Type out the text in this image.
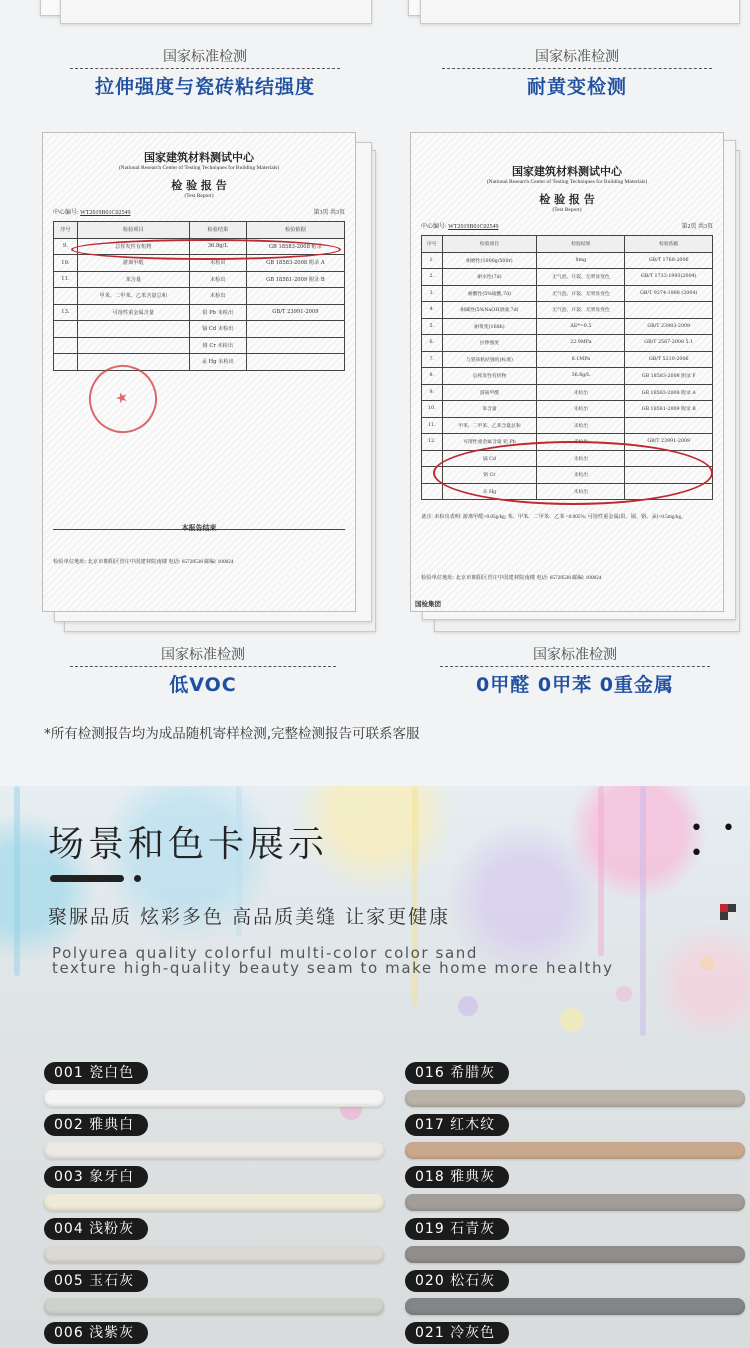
国家标准检测
拉伸强度与瓷砖粘结强度
国家标准检测
耐黄变检测
国家建筑材料测试中心
(National Research Center of Testing Techniques for Building Materials)
检 验 报 告
(Test Report)
中心编号: WT2019B01C02549	第3页 共3页
序号	检验项目	检验结果	检验依据
9.	总挥发性有机物	36.8g/L	GB 18583-2008 附录
10.	游离甲醛	未检出	GB 18583-2008 附录 A
11.	苯含量	未检出	GB 18581-2009 附录 B
	甲苯、二甲苯、乙苯含量总和	未检出	
13.	可溶性重金属含量	铅 Pb 未检出	GB/T 23991-2009
		镉 Cd 未检出	
		铬 Cr 未检出	
		汞 Hg 未检出	
★
本报告结束
检验单位地址: 北京市朝阳区管庄中国建材院南楼 电话: 65728538 邮编: 100024
国家建筑材料测试中心
(National Research Center of Testing Techniques for Building Materials)
检 验 报 告
(Test Report)
中心编号: WT2019B01C02549	第2页 共3页
序号	检验项目	检验结果	检验依据
1.	耐磨性(1000g/500r)	8mg	GB/T 1768-2006
2.	耐水性(7d)	无气泡、开裂、无明显变色	GB/T 1733-1993(2004)
3.	耐酸性(5%硫酸,7d)	无气泡、开裂、无明显变色	GB/T 9274-1988 (2004)
4.	耐碱性(5%NaOH溶液,7d)	无气泡、开裂、无明显变色	
5.	耐黄变(168h)	ΔE*=0.5	GB/T 23983-2009
6.	拉伸强度	22.9MPa	GB/T 2567-2008 5.1
7.	与瓷砖粘结强度(标准)	8.1MPa	GB/T 5210-2006
8.	总挥发性有机物	36.8g/L	GB 18583-2008 附录 F
9.	游离甲醛	未检出	GB 18583-2008 附录 A
10.	苯含量	未检出	GB 18581-2009 附录 B
11.	甲苯、二甲苯、乙苯含量总和	未检出	
12.	可溶性重金属含量 铅 Pb	未检出	GB/T 23991-2009
	镉 Cd	未检出	
	铬 Cr	未检出	
	汞 Hg	未检出	
备注: 未检出表明: 游离甲醛<0.05g/kg; 苯、甲苯、二甲苯、乙苯 <0.005%; 可溶性重金属(铅、镉、铬、汞)<0.5mg/kg。
检验单位地址: 北京市朝阳区管庄中国建材院南楼 电话: 65728538 邮编: 100024
国检集团
国家标准检测
低VOC
国家标准检测
0甲醛 0甲苯 0重金属
*所有检测报告均为成品随机寄样检测,完整检测报告可联系客服
场景和色卡展示	• • •
聚脲品质 炫彩多色 高品质美缝 让家更健康
Polyurea quality colorful multi-color color sand
texture high-quality beauty seam to make home more healthy
001 瓷白色
002 雅典白
003 象牙白
004 浅粉灰
005 玉石灰
006 浅紫灰
016 希腊灰
017 红木纹
018 雅典灰
019 石青灰
020 松石灰
021 冷灰色
